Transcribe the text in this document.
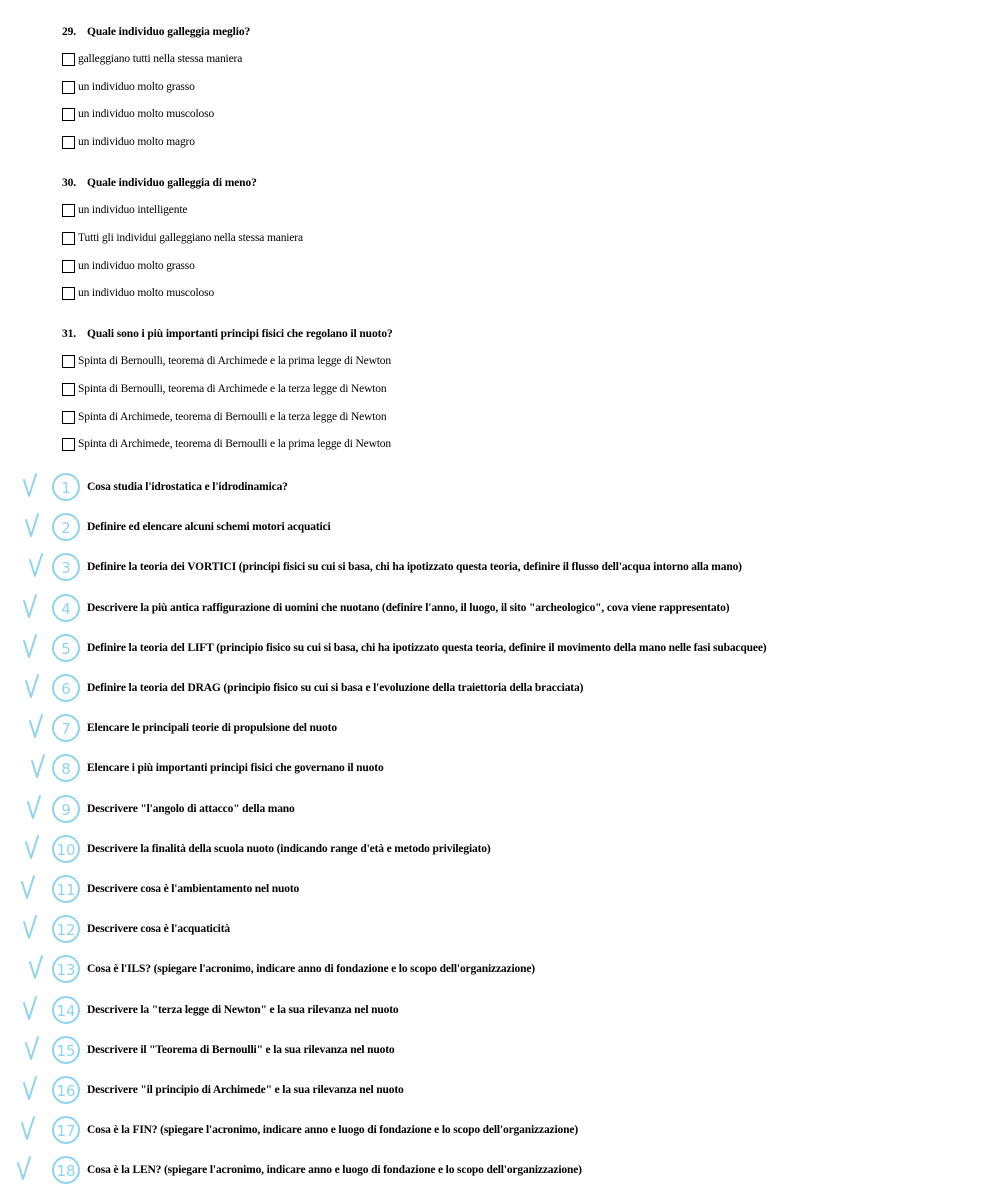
29. Quale individuo galleggia meglio?
galleggiano tutti nella stessa maniera
un individuo molto grasso
un individuo molto muscoloso
un individuo molto magro
30. Quale individuo galleggia di meno?
un individuo intelligente
Tutti gli individui galleggiano nella stessa maniera
un individuo molto grasso
un individuo molto muscoloso
31. Quali sono i più importanti principi fisici che regolano il nuoto?
Spinta di Bernoulli, teorema di Archimede e la prima legge di Newton
Spinta di Bernoulli, teorema di Archimede e la terza legge di Newton
Spinta di Archimede, teorema di Bernoulli e la terza legge di Newton
Spinta di Archimede, teorema di Bernoulli e la prima legge di Newton
1 Cosa studia l'idrostatica e l'idrodinamica?
2 Definire ed elencare alcuni schemi motori acquatici
3 Definire la teoria dei VORTICI (principi fisici su cui si basa, chi ha ipotizzato questa teoria, definire il flusso dell'acqua intorno alla mano)
4 Descrivere la più antica raffigurazione di uomini che nuotano (definire l'anno, il luogo, il sito "archeologico", cova viene rappresentato)
5 Definire la teoria del LIFT (principio fisico su cui si basa, chi ha ipotizzato questa teoria, definire il movimento della mano nelle fasi subacquee)
6 Definire la teoria del DRAG (principio fisico su cui si basa e l'evoluzione della traiettoria della bracciata)
7 Elencare le principali teorie di propulsione del nuoto
8 Elencare i più importanti principi fisici che governano il nuoto
9 Descrivere "l'angolo di attacco" della mano
10 Descrivere la finalità della scuola nuoto (indicando range d'età e metodo privilegiato)
11 Descrivere cosa è l'ambientamento nel nuoto
12 Descrivere cosa è l'acquaticità
13 Cosa è l'ILS? (spiegare l'acronimo, indicare anno di fondazione e lo scopo dell'organizzazione)
14 Descrivere la "terza legge di Newton" e la sua rilevanza nel nuoto
15 Descrivere il "Teorema di Bernoulli" e la sua rilevanza nel nuoto
16 Descrivere "il principio di Archimede" e la sua rilevanza nel nuoto
17 Cosa è la FIN? (spiegare l'acronimo, indicare anno e luogo di fondazione e lo scopo dell'organizzazione)
18 Cosa è la LEN? (spiegare l'acronimo, indicare anno e luogo di fondazione e lo scopo dell'organizzazione)
